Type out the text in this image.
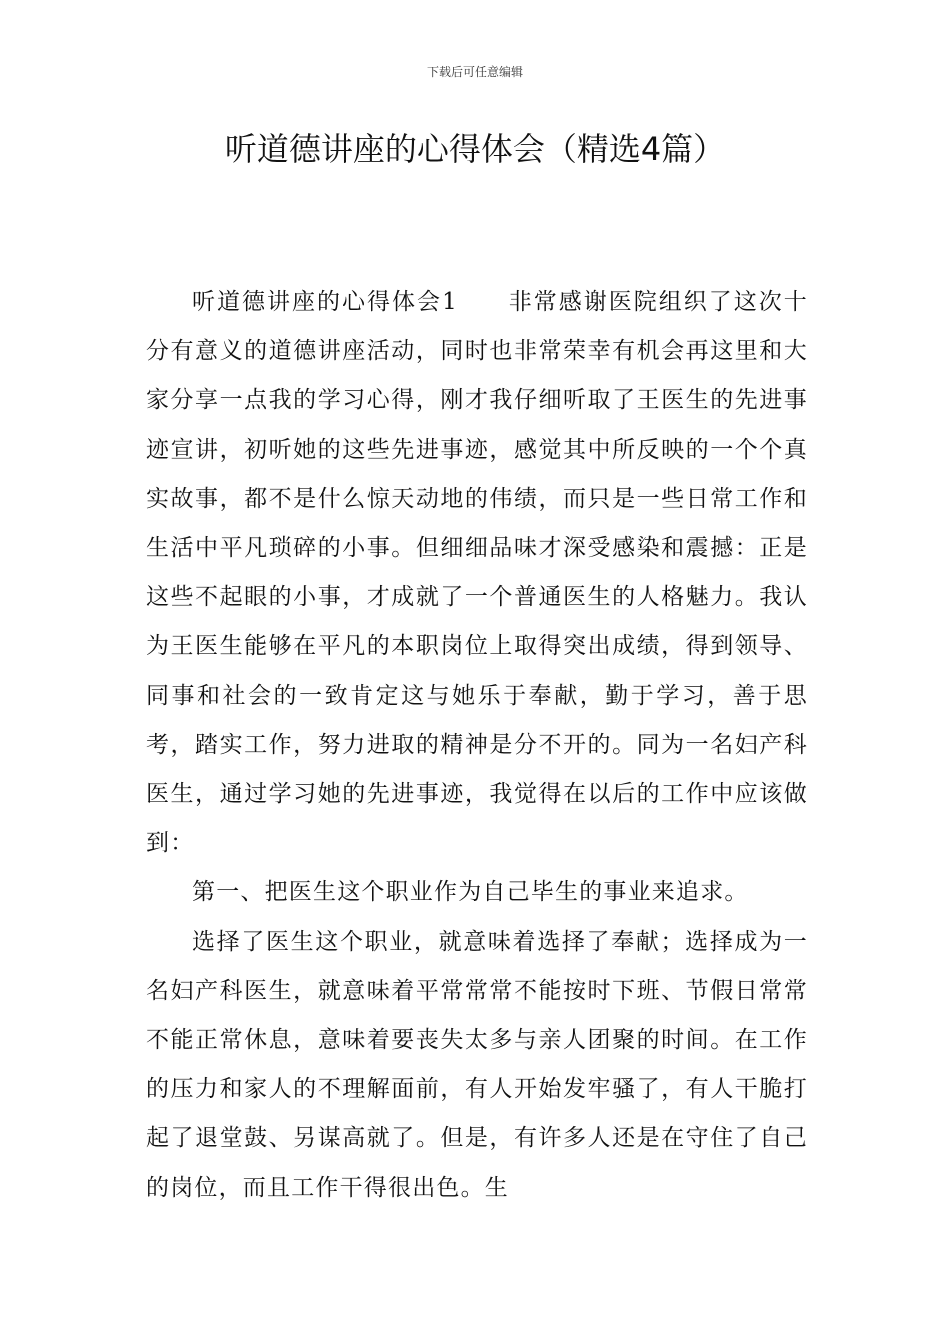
下载后可任意编辑
听道德讲座的心得体会（精选4篇）

听道德讲座的心得体会1　　非常感谢医院组织了这次十分有意义的道德讲座活动，同时也非常荣幸有机会再这里和大家分享一点我的学习心得，刚才我仔细听取了王医生的先进事迹宣讲，初听她的这些先进事迹，感觉其中所反映的一个个真实故事，都不是什么惊天动地的伟绩，而只是一些日常工作和生活中平凡琐碎的小事。但细细品味才深受感染和震撼：正是这些不起眼的小事，才成就了一个普通医生的人格魅力。我认为王医生能够在平凡的本职岗位上取得突出成绩，得到领导、同事和社会的一致肯定这与她乐于奉献，勤于学习，善于思考，踏实工作，努力进取的精神是分不开的。同为一名妇产科医生，通过学习她的先进事迹，我觉得在以后的工作中应该做到：

第一、把医生这个职业作为自己毕生的事业来追求。

选择了医生这个职业，就意味着选择了奉献；选择成为一名妇产科医生，就意味着平常常常不能按时下班、节假日常常不能正常休息，意味着要丧失太多与亲人团聚的时间。在工作的压力和家人的不理解面前，有人开始发牢骚了，有人干脆打起了退堂鼓、另谋高就了。但是，有许多人还是在守住了自己的岗位，而且工作干得很出色。生
